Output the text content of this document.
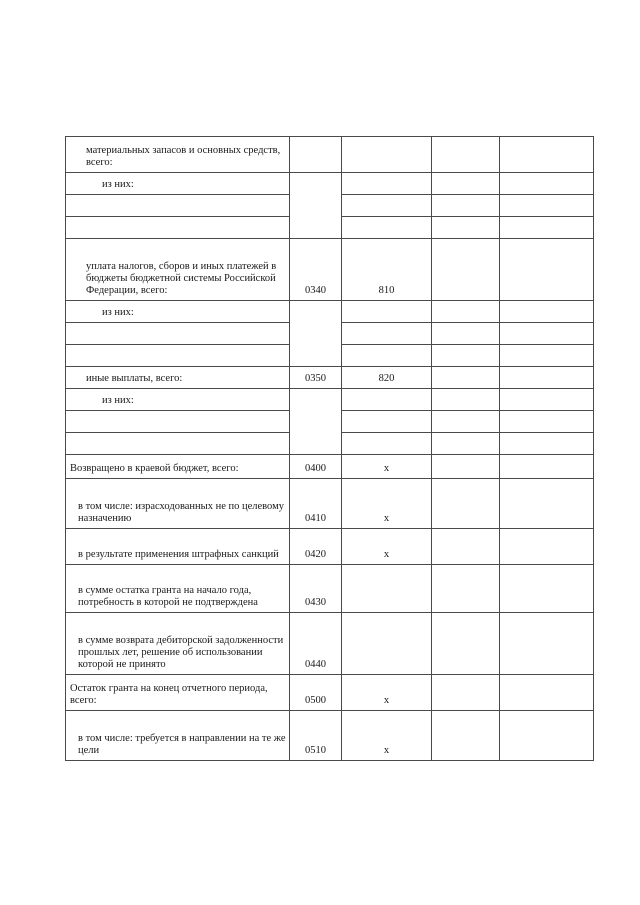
материальных запасов и основных средств, всего:				
из них:				

уплата налогов, сборов и иных платежей в бюджеты бюджетной системы Российской Федерации, всего:	0340	810		
из них:				

иные выплаты, всего:	0350	820		
из них:				

Возвращено в краевой бюджет, всего:	0400	x		
в том числе: израсходованных не по целевому назначению	0410	x		
в результате применения штрафных санкций	0420	x		
в сумме остатка гранта на начало года, потребность в которой не подтверждена	0430			
в сумме возврата дебиторской задолженности прошлых лет, решение об использовании которой не принято	0440			
Остаток гранта на конец отчетного периода, всего:	0500	x		
в том числе: требуется в направлении на те же цели	0510	x		
